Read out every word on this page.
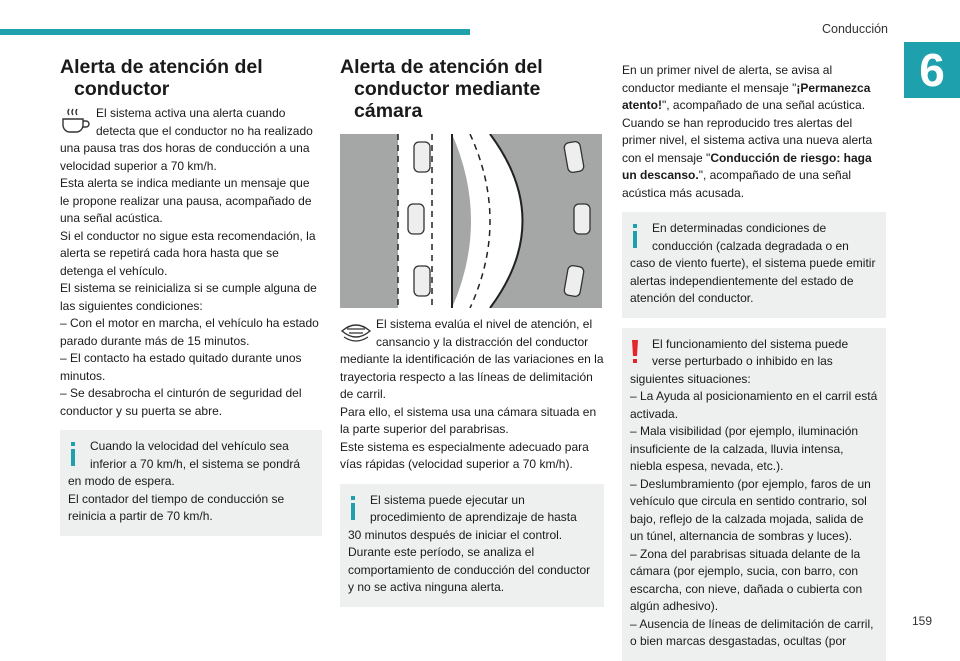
Conducción
6
159
Alerta de atención del
conductor

El sistema activa una alerta cuando

detecta que el conductor no ha realizado

una pausa tras dos horas de conducción a una velocidad superior a 70 km/h.

Esta alerta se indica mediante un mensaje que le propone realizar una pausa, acompañado de una señal acústica.

Si el conductor no sigue esta recomendación, la alerta se repetirá cada hora hasta que se detenga el vehículo.

El sistema se reinicializa si se cumple alguna de las siguientes condiciones:

– Con el motor en marcha, el vehículo ha estado parado durante más de 15 minutos.

– El contacto ha estado quitado durante unos minutos.

– Se desabrocha el cinturón de seguridad del conductor y su puerta se abre.

Cuando la velocidad del vehículo sea

inferior a 70 km/h, el sistema se pondrá

en modo de espera.

El contador del tiempo de conducción se reinicia a partir de 70 km/h.

Alerta de atención del
conductor mediante cámara

El sistema evalúa el nivel de atención, el

cansancio y la distracción del conductor

mediante la identificación de las variaciones en la trayectoria respecto a las líneas de delimitación de carril.

Para ello, el sistema usa una cámara situada en la parte superior del parabrisas.

Este sistema es especialmente adecuado para vías rápidas (velocidad superior a 70 km/h).

El sistema puede ejecutar un

procedimiento de aprendizaje de hasta

30 minutos después de iniciar el control.

Durante este período, se analiza el comportamiento de conducción del conductor y no se activa ninguna alerta.

En un primer nivel de alerta, se avisa al conductor mediante el mensaje "¡Permanezca atento!", acompañado de una señal acústica.

Cuando se han reproducido tres alertas del primer nivel, el sistema activa una nueva alerta con el mensaje "Conducción de riesgo: haga un descanso.", acompañado de una señal acústica más acusada.

En determinadas condiciones de

conducción (calzada degradada o en

caso de viento fuerte), el sistema puede emitir alertas independientemente del estado de atención del conductor.

El funcionamiento del sistema puede

verse perturbado o inhibido en las

siguientes situaciones:

– La Ayuda al posicionamiento en el carril está activada.

– Mala visibilidad (por ejemplo, iluminación insuficiente de la calzada, lluvia intensa, niebla espesa, nevada, etc.).

– Deslumbramiento (por ejemplo, faros de un vehículo que circula en sentido contrario, sol bajo, reflejo de la calzada mojada, salida de un túnel, alternancia de sombras y luces).

– Zona del parabrisas situada delante de la cámara (por ejemplo, sucia, con barro, con escarcha, con nieve, dañada o cubierta con algún adhesivo).

– Ausencia de líneas de delimitación de carril, o bien marcas desgastadas, ocultas (por
